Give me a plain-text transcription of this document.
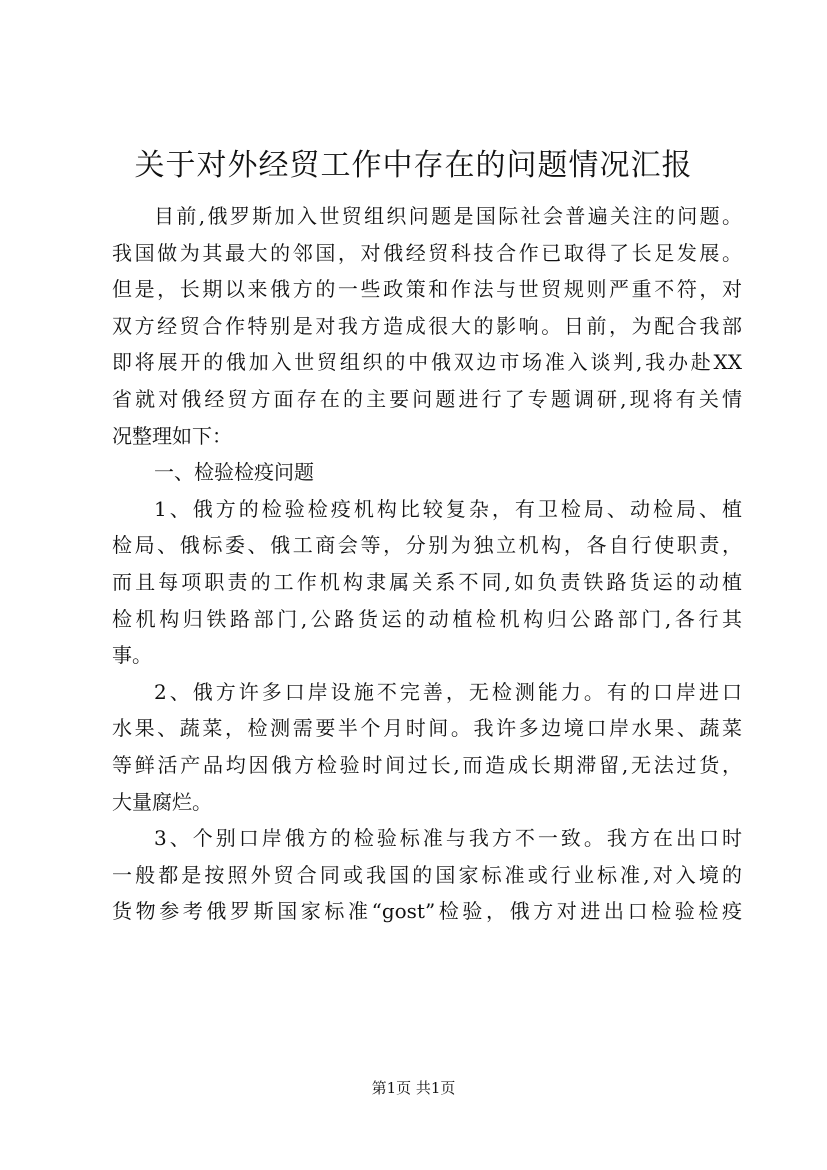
关于对外经贸工作中存在的问题情况汇报
目前,俄罗斯加入世贸组织问题是国际社会普遍关注的问题。
我国做为其最大的邻国，对俄经贸科技合作已取得了长足发展。
但是，长期以来俄方的一些政策和作法与世贸规则严重不符，对
双方经贸合作特别是对我方造成很大的影响。日前，为配合我部
即将展开的俄加入世贸组织的中俄双边市场准入谈判,我办赴XX
省就对俄经贸方面存在的主要问题进行了专题调研,现将有关情
况整理如下：
一、检验检疫问题
1、俄方的检验检疫机构比较复杂，有卫检局、动检局、植
检局、俄标委、俄工商会等，分别为独立机构，各自行使职责，
而且每项职责的工作机构隶属关系不同,如负责铁路货运的动植
检机构归铁路部门,公路货运的动植检机构归公路部门,各行其
事。
2、俄方许多口岸设施不完善，无检测能力。有的口岸进口
水果、蔬菜，检测需要半个月时间。我许多边境口岸水果、蔬菜
等鲜活产品均因俄方检验时间过长,而造成长期滞留,无法过货，
大量腐烂。
3、个别口岸俄方的检验标准与我方不一致。我方在出口时
一般都是按照外贸合同或我国的国家标准或行业标准,对入境的
货物参考俄罗斯国家标准“gost”检验，俄方对进出口检验检疫
第1页 共1页
